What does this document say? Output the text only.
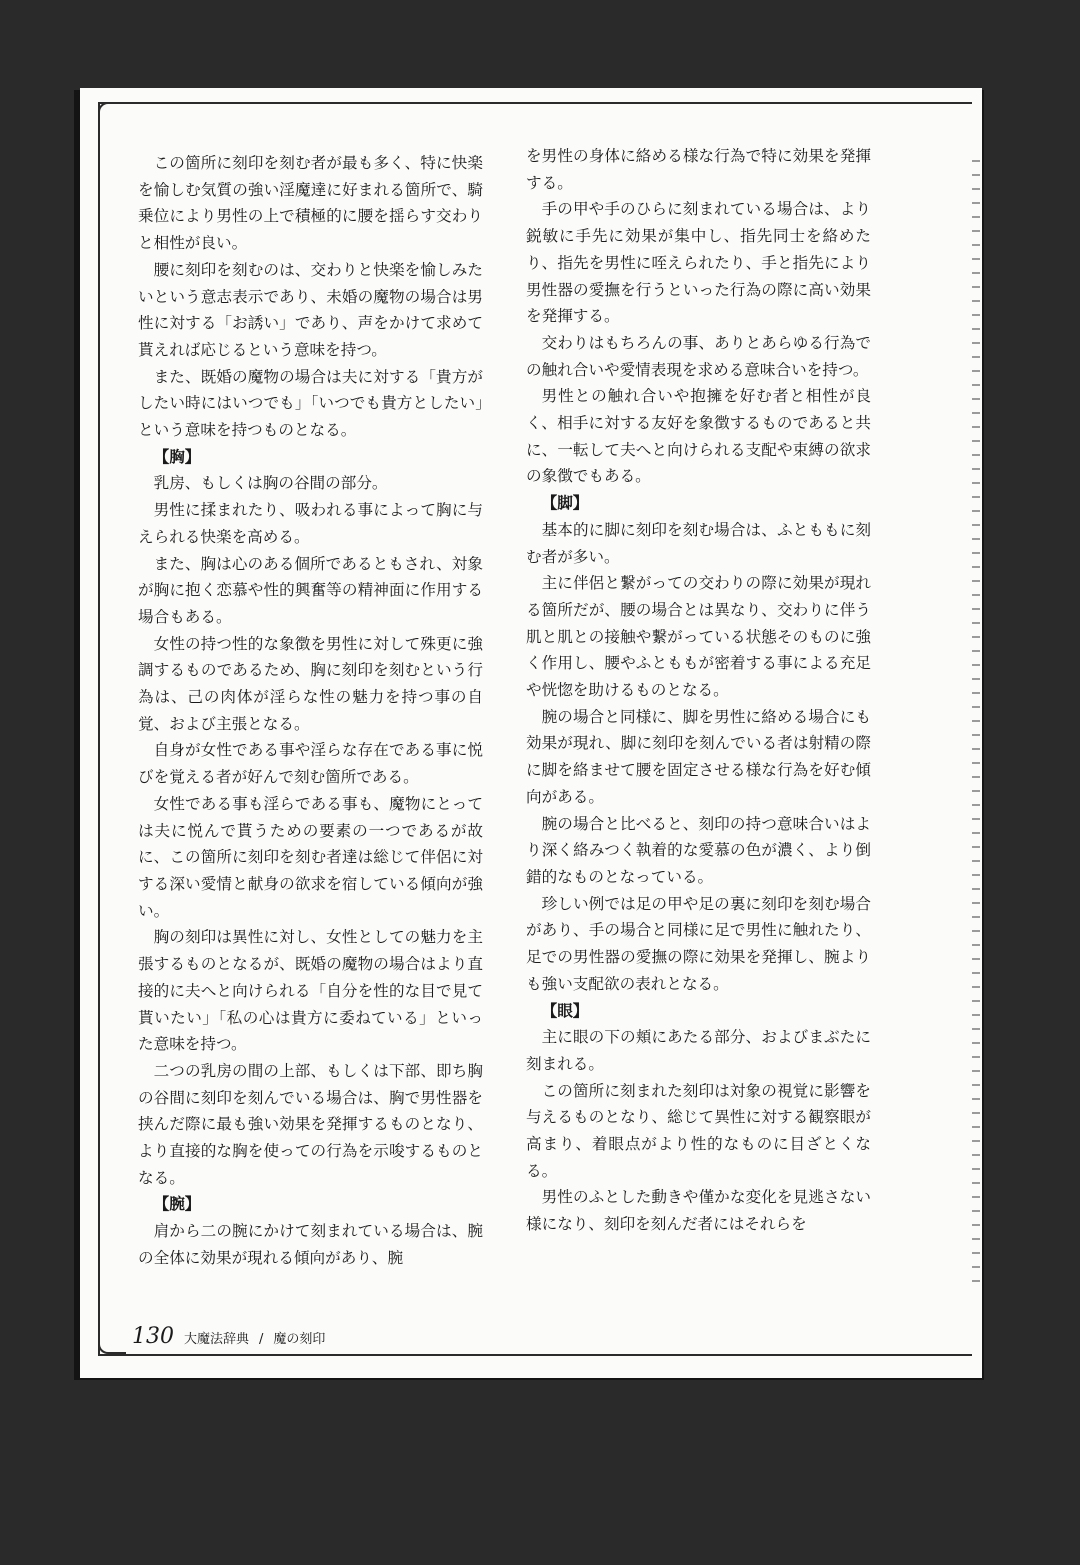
この箇所に刻印を刻む者が最も多く、特に快楽を愉しむ気質の強い淫魔達に好まれる箇所で、騎乗位により男性の上で積極的に腰を揺らす交わりと相性が良い。

腰に刻印を刻むのは、交わりと快楽を愉しみたいという意志表示であり、未婚の魔物の場合は男性に対する「お誘い」であり、声をかけて求めて貰えれば応じるという意味を持つ。

また、既婚の魔物の場合は夫に対する「貴方がしたい時にはいつでも」「いつでも貴方としたい」という意味を持つものとなる。

【胸】

乳房、もしくは胸の谷間の部分。

男性に揉まれたり、吸われる事によって胸に与えられる快楽を高める。

また、胸は心のある個所であるともされ、対象が胸に抱く恋慕や性的興奮等の精神面に作用する場合もある。

女性の持つ性的な象徴を男性に対して殊更に強調するものであるため、胸に刻印を刻むという行為は、己の肉体が淫らな性の魅力を持つ事の自覚、および主張となる。

自身が女性である事や淫らな存在である事に悦びを覚える者が好んで刻む箇所である。

女性である事も淫らである事も、魔物にとっては夫に悦んで貰うための要素の一つであるが故に、この箇所に刻印を刻む者達は総じて伴侶に対する深い愛情と献身の欲求を宿している傾向が強い。

胸の刻印は異性に対し、女性としての魅力を主張するものとなるが、既婚の魔物の場合はより直接的に夫へと向けられる「自分を性的な目で見て貰いたい」「私の心は貴方に委ねている」といった意味を持つ。

二つの乳房の間の上部、もしくは下部、即ち胸の谷間に刻印を刻んでいる場合は、胸で男性器を挟んだ際に最も強い効果を発揮するものとなり、より直接的な胸を使っての行為を示唆するものとなる。

【腕】

肩から二の腕にかけて刻まれている場合は、腕の全体に効果が現れる傾向があり、腕

を男性の身体に絡める様な行為で特に効果を発揮する。

手の甲や手のひらに刻まれている場合は、より鋭敏に手先に効果が集中し、指先同士を絡めたり、指先を男性に咥えられたり、手と指先により男性器の愛撫を行うといった行為の際に高い効果を発揮する。

交わりはもちろんの事、ありとあらゆる行為での触れ合いや愛情表現を求める意味合いを持つ。

男性との触れ合いや抱擁を好む者と相性が良く、相手に対する友好を象徴するものであると共に、一転して夫へと向けられる支配や束縛の欲求の象徴でもある。

【脚】

基本的に脚に刻印を刻む場合は、ふとももに刻む者が多い。

主に伴侶と繋がっての交わりの際に効果が現れる箇所だが、腰の場合とは異なり、交わりに伴う肌と肌との接触や繋がっている状態そのものに強く作用し、腰やふとももが密着する事による充足や恍惚を助けるものとなる。

腕の場合と同様に、脚を男性に絡める場合にも効果が現れ、脚に刻印を刻んでいる者は射精の際に脚を絡ませて腰を固定させる様な行為を好む傾向がある。

腕の場合と比べると、刻印の持つ意味合いはより深く絡みつく執着的な愛慕の色が濃く、より倒錯的なものとなっている。

珍しい例では足の甲や足の裏に刻印を刻む場合があり、手の場合と同様に足で男性に触れたり、足での男性器の愛撫の際に効果を発揮し、腕よりも強い支配欲の表れとなる。

【眼】

主に眼の下の頬にあたる部分、およびまぶたに刻まれる。

この箇所に刻まれた刻印は対象の視覚に影響を与えるものとなり、総じて異性に対する観察眼が高まり、着眼点がより性的なものに目ざとくなる。

男性のふとした動きや僅かな変化を見逃さない様になり、刻印を刻んだ者にはそれらを

130 大魔法辞典 / 魔の刻印
